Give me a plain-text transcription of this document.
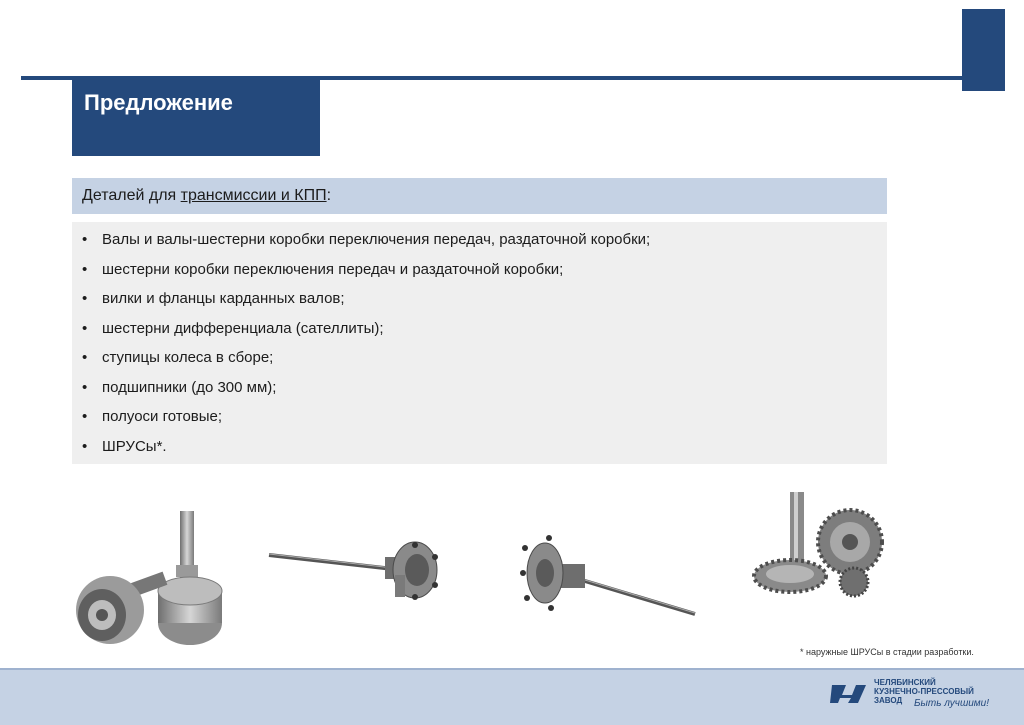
Предложение
Деталей для трансмиссии и КПП:
• Валы и валы-шестерни коробки переключения передач, раздаточной коробки;
• шестерни коробки переключения передач и раздаточной коробки;
• вилки и фланцы карданных валов;
• шестерни дифференциала (сателлиты);
• ступицы колеса в сборе;
• подшипники (до 300 мм);
• полуоси готовые;
• ШРУСы*.
* наружные ШРУСы в стадии разработки.
ЧЕЛЯБИНСКИЙ
КУЗНЕЧНО-ПРЕССОВЫЙ
ЗАВОД	Быть лучшими!
